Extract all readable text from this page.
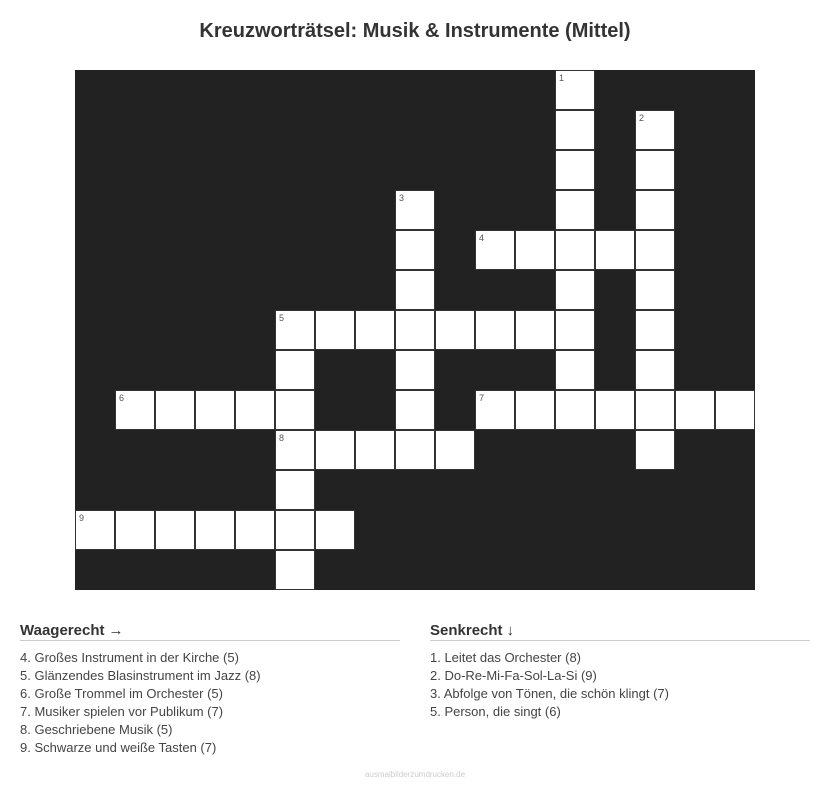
Kreuzworträtsel: Musik & Instrumente (Mittel)
1
2
3
4
5
6	7
8
9
Waagerecht →
4. Großes Instrument in der Kirche (5)
5. Glänzendes Blasinstrument im Jazz (8)
6. Große Trommel im Orchester (5)
7. Musiker spielen vor Publikum (7)
8. Geschriebene Musik (5)
9. Schwarze und weiße Tasten (7)
Senkrecht ↓
1. Leitet das Orchester (8)
2. Do-Re-Mi-Fa-Sol-La-Si (9)
3. Abfolge von Tönen, die schön klingt (7)
5. Person, die singt (6)
ausmalbilderzumdrucken.de
